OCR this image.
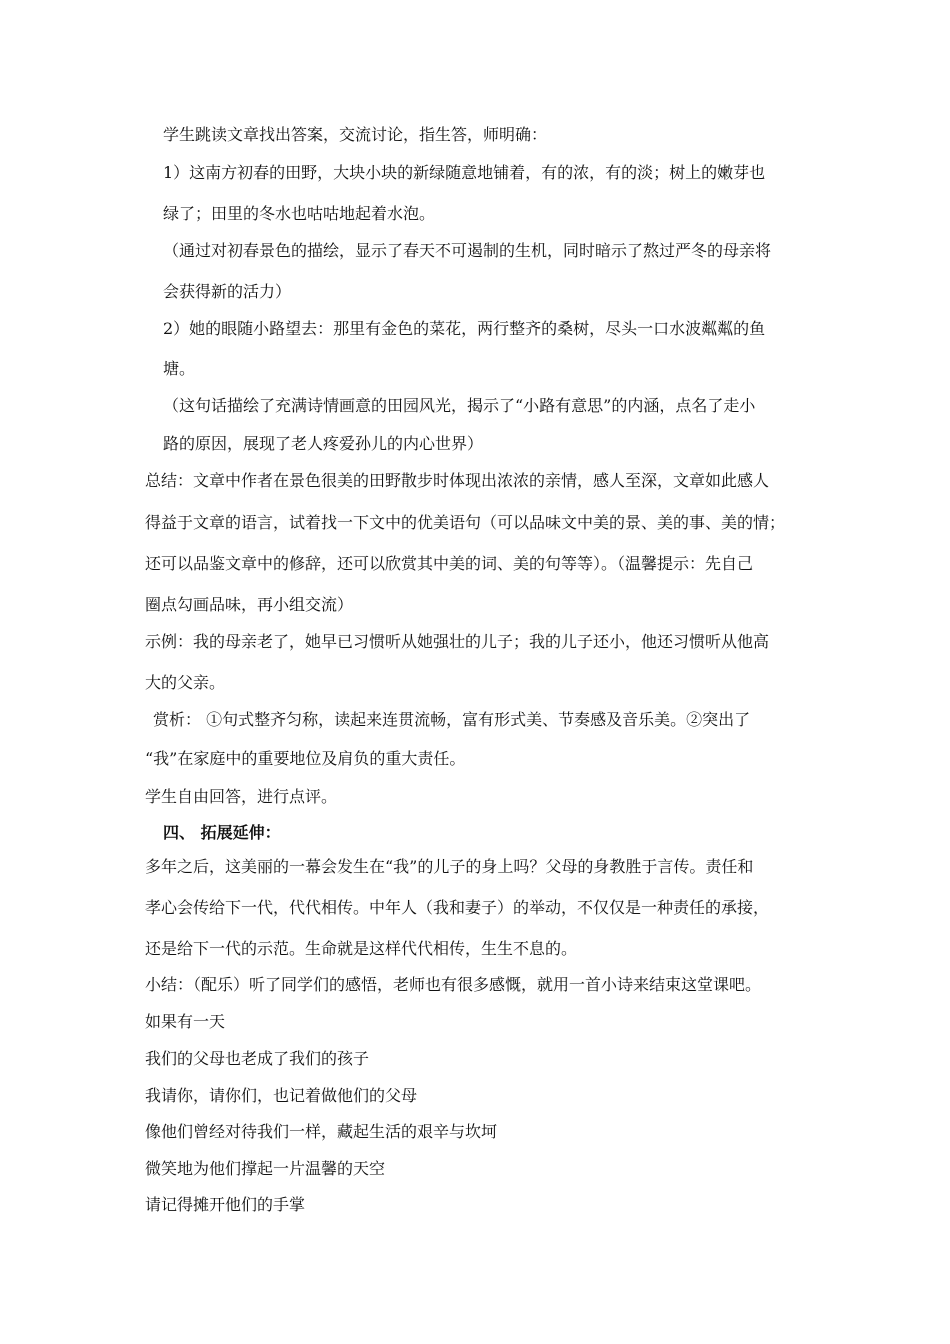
学生跳读文章找出答案，交流讨论，指生答，师明确：

1）这南方初春的田野，大块小块的新绿随意地铺着，有的浓，有的淡；树上的嫩芽也

绿了；田里的冬水也咕咕地起着水泡。

（通过对初春景色的描绘，显示了春天不可遏制的生机，同时暗示了熬过严冬的母亲将

会获得新的活力）

2）她的眼随小路望去：那里有金色的菜花，两行整齐的桑树，尽头一口水波粼粼的鱼

塘。

（这句话描绘了充满诗情画意的田园风光，揭示了“小路有意思”的内涵，点名了走小

路的原因，展现了老人疼爱孙儿的内心世界）

总结：文章中作者在景色很美的田野散步时体现出浓浓的亲情，感人至深，文章如此感人

得益于文章的语言，试着找一下文中的优美语句（可以品味文中美的景、美的事、美的情；

还可以品鉴文章中的修辞，还可以欣赏其中美的词、美的句等等）。（温馨提示：先自己

圈点勾画品味，再小组交流）

示例：我的母亲老了，她早已习惯听从她强壮的儿子；我的儿子还小，他还习惯听从他高

大的父亲。

赏析： ①句式整齐匀称，读起来连贯流畅，富有形式美、节奏感及音乐美。②突出了

“我”在家庭中的重要地位及肩负的重大责任。

学生自由回答，进行点评。

四、 拓展延伸：

多年之后，这美丽的一幕会发生在“我”的儿子的身上吗？父母的身教胜于言传。责任和

孝心会传给下一代，代代相传。中年人（我和妻子）的举动，不仅仅是一种责任的承接，

还是给下一代的示范。生命就是这样代代相传，生生不息的。

小结：（配乐）听了同学们的感悟，老师也有很多感慨，就用一首小诗来结束这堂课吧。

如果有一天

我们的父母也老成了我们的孩子

我请你，请你们，也记着做他们的父母

像他们曾经对待我们一样，藏起生活的艰辛与坎坷

微笑地为他们撑起一片温馨的天空

请记得摊开他们的手掌
